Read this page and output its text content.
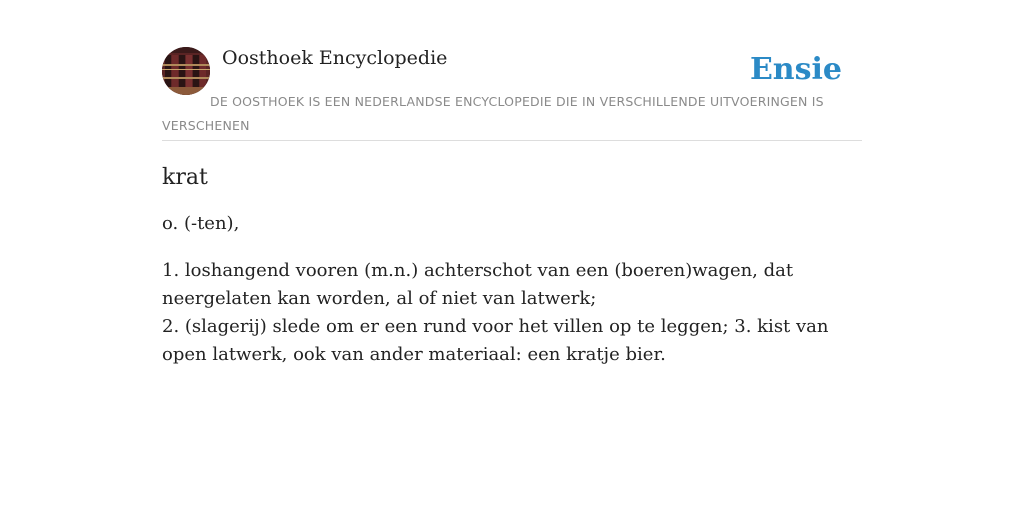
Oosthoek Encyclopedie	Ensie
DE OOSTHOEK IS EEN NEDERLANDSE ENCYCLOPEDIE DIE IN VERSCHILLENDE UITVOERINGEN IS VERSCHENEN
krat

o. (-ten),

1. loshangend vooren (m.n.) achterschot van een (boeren)wagen, dat neergelaten kan worden, al of niet van latwerk;
2. (slagerij) slede om er een rund voor het villen op te leggen; 3. kist van open latwerk, ook van ander materiaal: een kratje bier.
